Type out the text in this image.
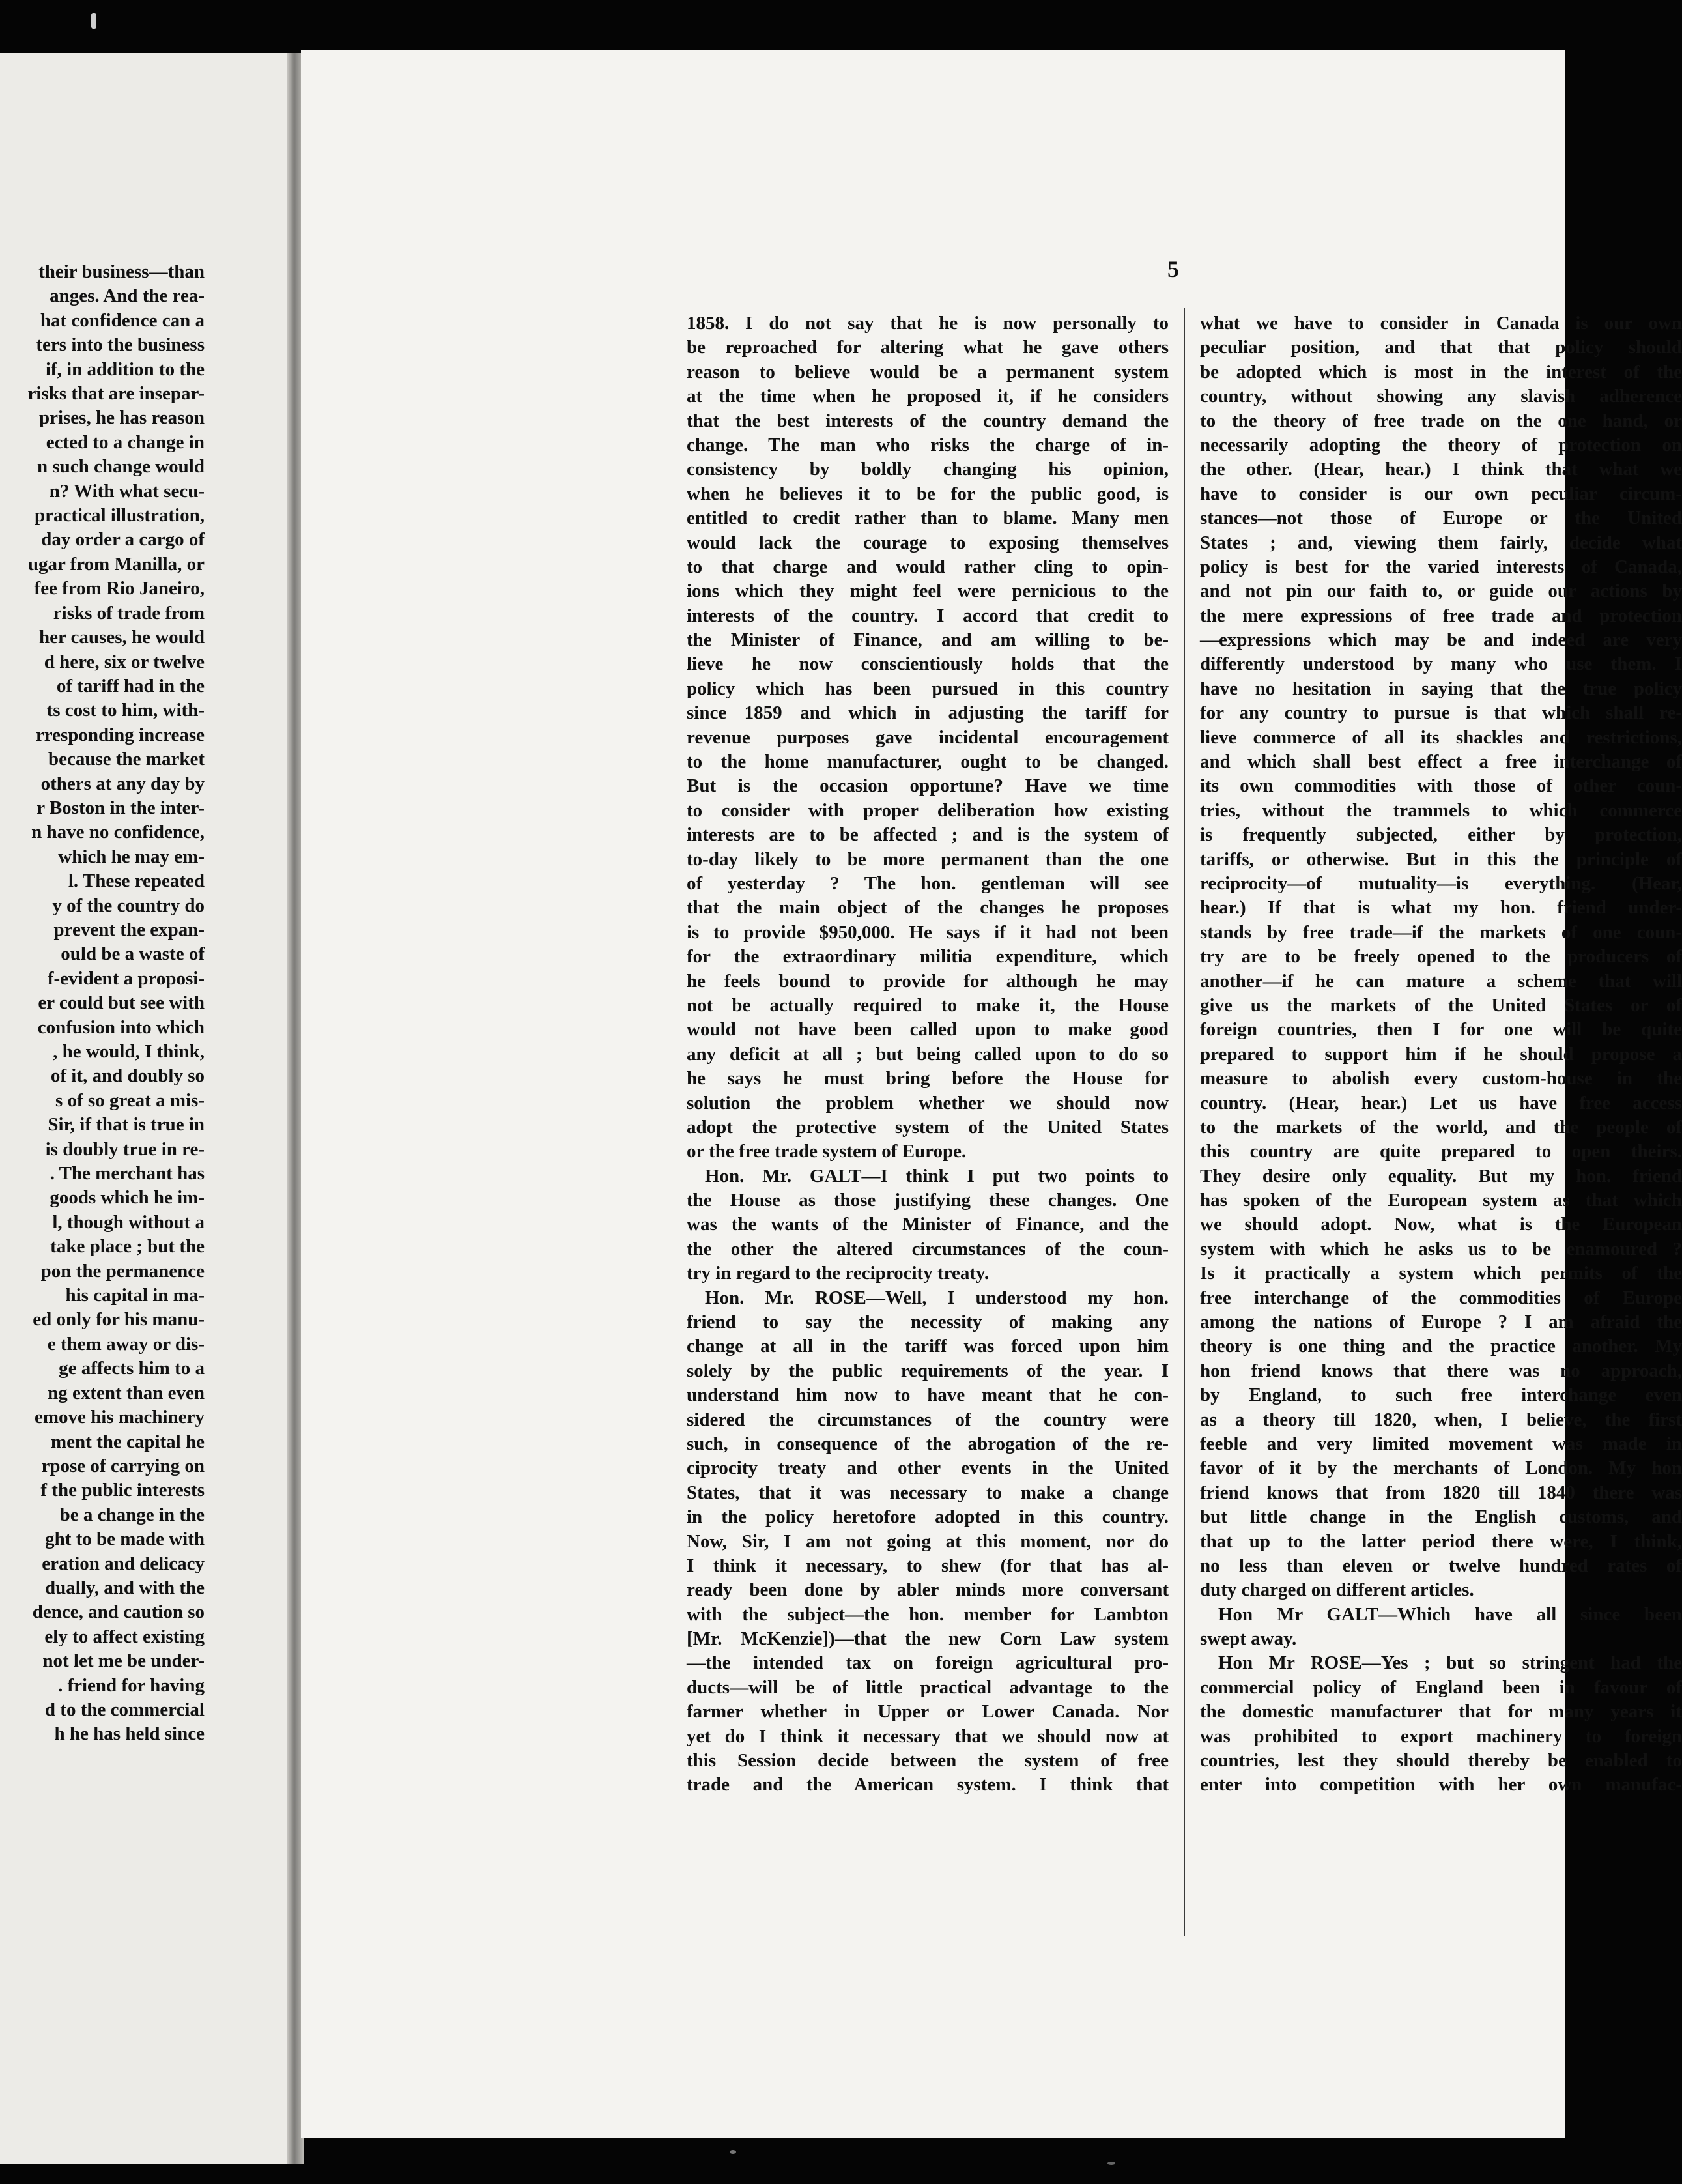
their business—than
anges. And the rea-
hat confidence can a
ters into the business
if, in addition to the
risks that are insepar-
prises, he has reason
ected to a change in
n such change would
n? With what secu-
practical illustration,
day order a cargo of
ugar from Manilla, or
fee from Rio Janeiro,
risks of trade from
her causes, he would
d here, six or twelve
of tariff had in the
ts cost to him, with-
rresponding increase
because the market
others at any day by
r Boston in the inter-
n have no confidence,
which he may em-
l. These repeated
y of the country do
prevent the expan-
ould be a waste of
f-evident a proposi-
er could but see with
confusion into which
, he would, I think,
of it, and doubly so
s of so great a mis-
Sir, if that is true in
is doubly true in re-
. The merchant has
goods which he im-
l, though without a
take place ; but the
pon the permanence
his capital in ma-
ed only for his manu-
e them away or dis-
ge affects him to a
ng extent than even
emove his machinery
ment the capital he
rpose of carrying on
f the public interests
be a change in the
ght to be made with
eration and delicacy
dually, and with the
dence, and caution so
ely to affect existing
not let me be under-
. friend for having
d to the commercial
h he has held since
5
1858. I do not say that he is now personally to
be reproached for altering what he gave others
reason to believe would be a permanent system
at the time when he proposed it, if he considers
that the best interests of the country demand the
change. The man who risks the charge of in-
consistency by boldly changing his opinion,
when he believes it to be for the public good, is
entitled to credit rather than to blame. Many men
would lack the courage to exposing themselves
to that charge and would rather cling to opin-
ions which they might feel were pernicious to the
interests of the country. I accord that credit to
the Minister of Finance, and am willing to be-
lieve he now conscientiously holds that the
policy which has been pursued in this country
since 1859 and which in adjusting the tariff for
revenue purposes gave incidental encouragement
to the home manufacturer, ought to be changed.
But is the occasion opportune? Have we time
to consider with proper deliberation how existing
interests are to be affected ; and is the system of
to-day likely to be more permanent than the one
of yesterday ? The hon. gentleman will see
that the main object of the changes he proposes
is to provide $950,000. He says if it had not been
for the extraordinary militia expenditure, which
he feels bound to provide for although he may
not be actually required to make it, the House
would not have been called upon to make good
any deficit at all ; but being called upon to do so
he says he must bring before the House for
solution the problem whether we should now
adopt the protective system of the United States
or the free trade system of Europe.
Hon. Mr. GALT—I think I put two points to
the House as those justifying these changes. One
was the wants of the Minister of Finance, and the
the other the altered circumstances of the coun-
try in regard to the reciprocity treaty.
Hon. Mr. ROSE—Well, I understood my hon.
friend to say the necessity of making any
change at all in the tariff was forced upon him
solely by the public requirements of the year. I
understand him now to have meant that he con-
sidered the circumstances of the country were
such, in consequence of the abrogation of the re-
ciprocity treaty and other events in the United
States, that it was necessary to make a change
in the policy heretofore adopted in this country.
Now, Sir, I am not going at this moment, nor do
I think it necessary, to shew (for that has al-
ready been done by abler minds more conversant
with the subject—the hon. member for Lambton
[Mr. McKenzie])—that the new Corn Law system
—the intended tax on foreign agricultural pro-
ducts—will be of little practical advantage to the
farmer whether in Upper or Lower Canada. Nor
yet do I think it necessary that we should now at
this Session decide between the system of free
trade and the American system. I think that
what we have to consider in Canada is our own
peculiar position, and that that policy should
be adopted which is most in the interest of the
country, without showing any slavish adherence
to the theory of free trade on the one hand, or
necessarily adopting the theory of protection on
the other. (Hear, hear.) I think that what we
have to consider is our own peculiar circum-
stances—not those of Europe or the United
States ; and, viewing them fairly, decide what
policy is best for the varied interests of Canada,
and not pin our faith to, or guide our actions by
the mere expressions of free trade and protection
—expressions which may be and indeed are very
differently understood by many who use them. I
have no hesitation in saying that the true policy
for any country to pursue is that which shall re-
lieve commerce of all its shackles and restrictions,
and which shall best effect a free interchange of
its own commodities with those of other coun-
tries, without the trammels to which commerce
is frequently subjected, either by protection,
tariffs, or otherwise. But in this the principle of
reciprocity—of mutuality—is everything. (Hear,
hear.) If that is what my hon. friend under-
stands by free trade—if the markets of one coun-
try are to be freely opened to the producers of
another—if he can mature a scheme that will
give us the markets of the United States or of
foreign countries, then I for one will be quite
prepared to support him if he should propose a
measure to abolish every custom-house in the
country. (Hear, hear.) Let us have free access
to the markets of the world, and the people of
this country are quite prepared to open theirs.
They desire only equality. But my hon. friend
has spoken of the European system as that which
we should adopt. Now, what is the European
system with which he asks us to be enamoured ?
Is it practically a system which permits of the
free interchange of the commodities of Europe
among the nations of Europe ? I am afraid the
theory is one thing and the practice another. My
hon friend knows that there was no approach,
by England, to such free interchange even
as a theory till 1820, when, I believe, the first
feeble and very limited movement was made in
favor of it by the merchants of London. My hon
friend knows that from 1820 till 1840 there was
but little change in the English customs, and
that up to the latter period there were, I think,
no less than eleven or twelve hundred rates of
duty charged on different articles.
Hon Mr GALT—Which have all since been
swept away.
Hon Mr ROSE—Yes ; but so stringent had the
commercial policy of England been in favour of
the domestic manufacturer that for many years it
was prohibited to export machinery to foreign
countries, lest they should thereby be enabled to
enter into competition with her own manufac-
